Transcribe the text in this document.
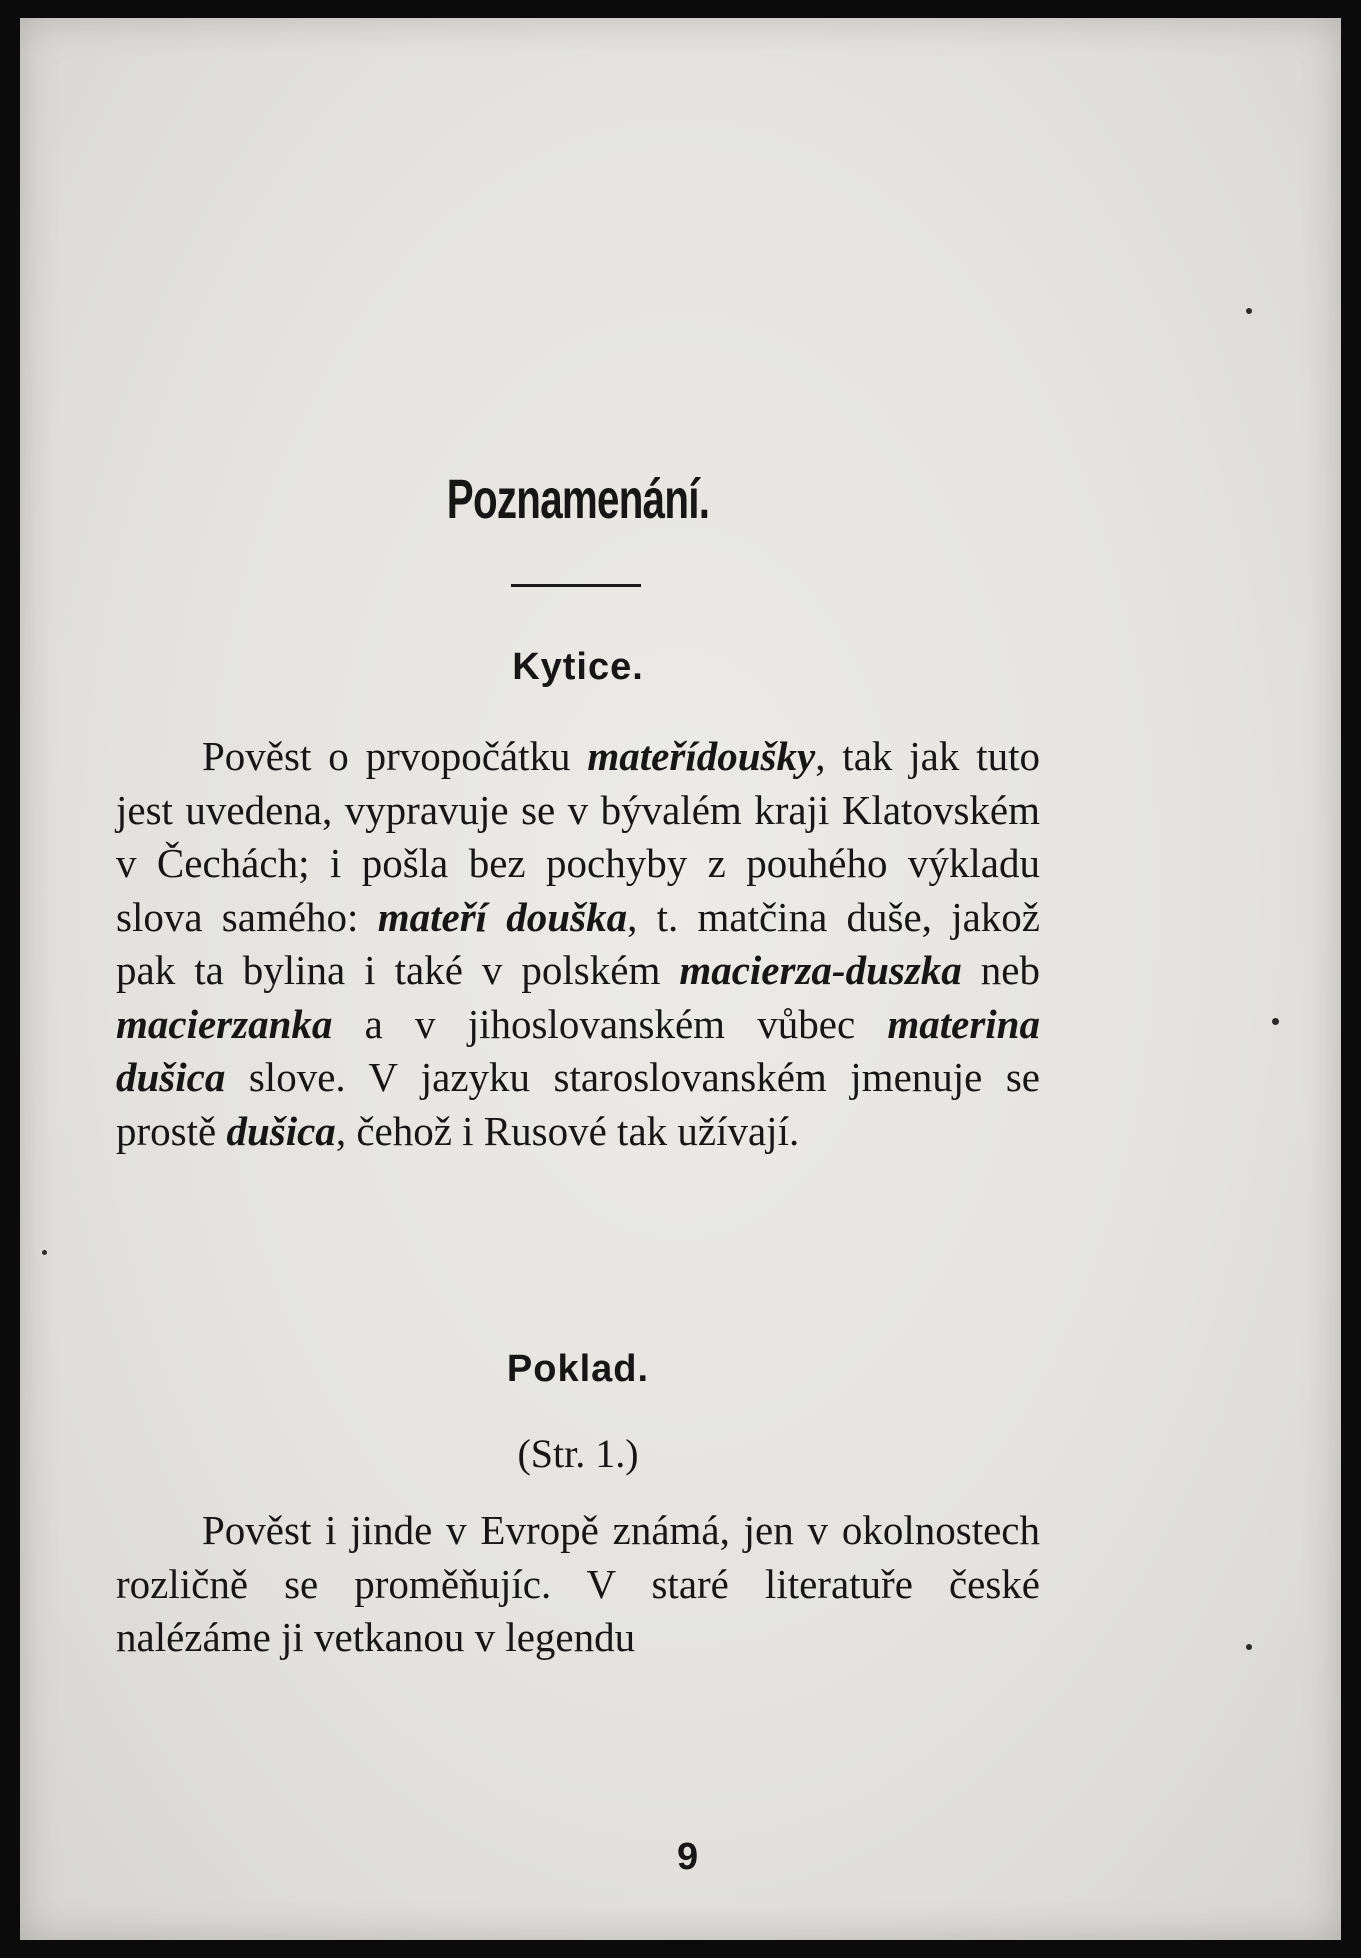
Poznamenání.
Kytice.

Pověst o prvopočátku mateřídoušky, tak jak tuto jest uvedena, vypravuje se v bývalém kraji Klatovském v Čechách; i pošla bez pochyby z pouhého výkladu slova samého: mateří douška, t. matčina duše, jakož pak ta bylina i také v polském macierza-duszka neb macierzanka a v jihoslovanském vůbec materina dušica slove. V jazyku staroslovanském jmenuje se prostě dušica, čehož i Rusové tak užívají.

Poklad.
(Str. 1.)

Pověst i jinde v Evropě známá, jen v okolnostech rozličně se proměňujíc. V staré literatuře české nalézáme ji vetkanou v legendu

9
